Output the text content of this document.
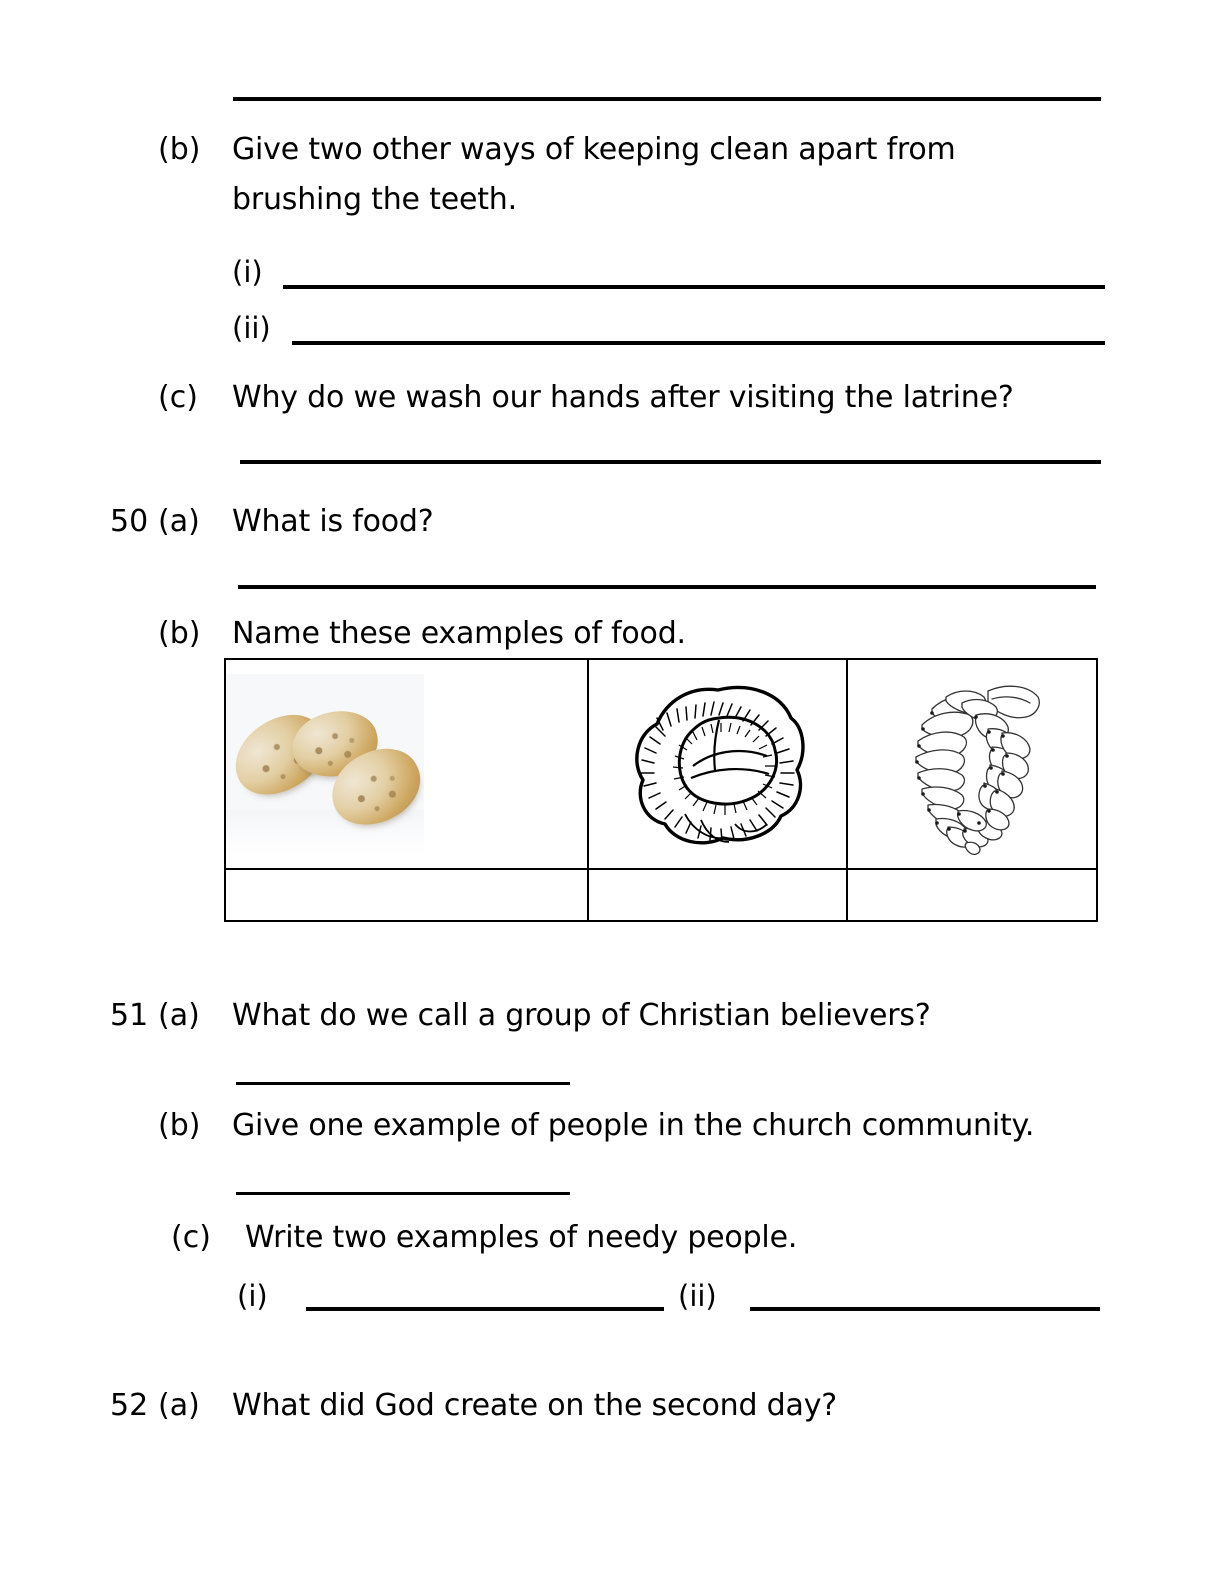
(b) Give two other ways of keeping clean apart from
brushing the teeth.
(i)
(ii)
(c) Why do we wash our hands after visiting the latrine?
50 (a) What is food?
(b) Name these examples of food.

51 (a) What do we call a group of Christian believers?
(b) Give one example of people in the church community.
(c) Write two examples of needy people.
(i)	(ii)
52 (a) What did God create on the second day?
